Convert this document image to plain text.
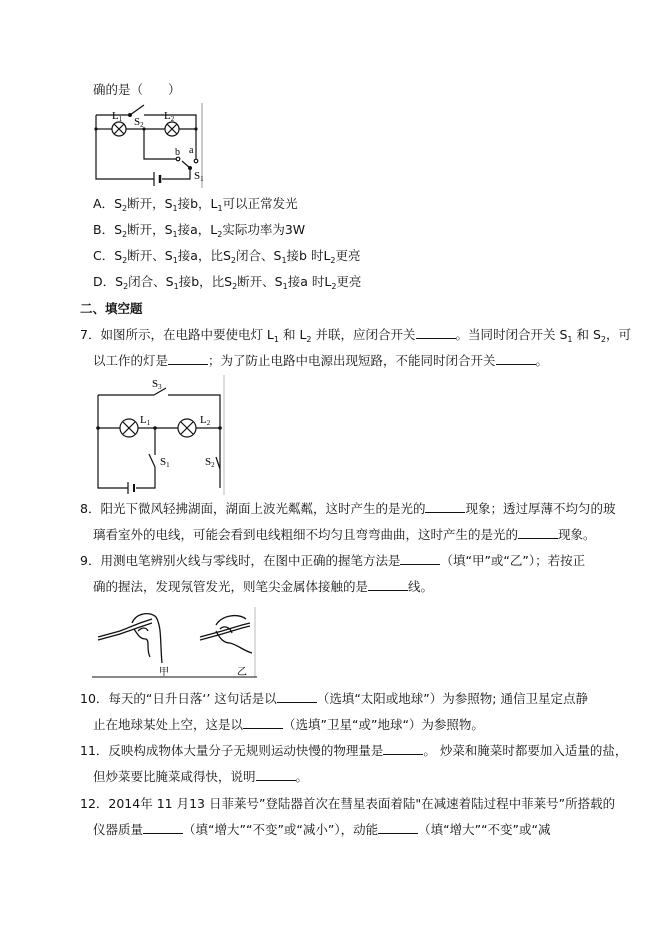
确的是（　　）
L1 S2
L2
b a
S1
A．$S_2$断开，$S_1$接b，$L_1$可以正常发光
B．$S_2$断开，$S_1$接a，$L_2$实际功率为3W
C．$S_2$断开、$S_1$接a，比$S_2$闭合、$S_1$接b 时$L_2$更亮
D．$S_2$闭合、$S_1$接b，比$S_2$断开、$S_1$接a 时$L_2$更亮
二、填空题
7．如图所示，在电路中要使电灯 $L_1$ 和 $L_2$ 并联，应闭合开关	。当同时闭合开关 $S_1$ 和 $S_2$，可
以工作的灯是	；为了防止电路中电源出现短路，不能同时闭合开关	。
S3
L1	L2
S1	S2
8．阳光下微风轻拂湖面，湖面上波光粼粼，这时产生的是光的	现象；透过厚薄不均匀的玻
璃看室外的电线，可能会看到电线粗细不均匀且弯弯曲曲，这时产生的是光的	现象。
9．用测电笔辨别火线与零线时，在图中正确的握笔方法是	（填“甲”或“乙”）；若按正
确的握法，发现氖管发光，则笔尖金属体接触的是	线。
甲	乙
10．每天的“日升日落‘’ 这句话是以	（选填“太阳或地球”）为参照物; 通信卫星定点静
止在地球某处上空，这是以	（选填”卫星“或”地球“）为参照物。
11．反映构成物体大量分子无规则运动快慢的物理量是	。 炒菜和腌菜时都要加入适量的盐，
但炒菜要比腌菜咸得快，说明	。
12．2014年 11 月13 日菲莱号”登陆器首次在彗星表面着陆"在减速着陆过程中菲莱号”所搭载的
仪器质量	（填“增大”“不变”或“减小”），动能	（填“增大”“不变”或“减
